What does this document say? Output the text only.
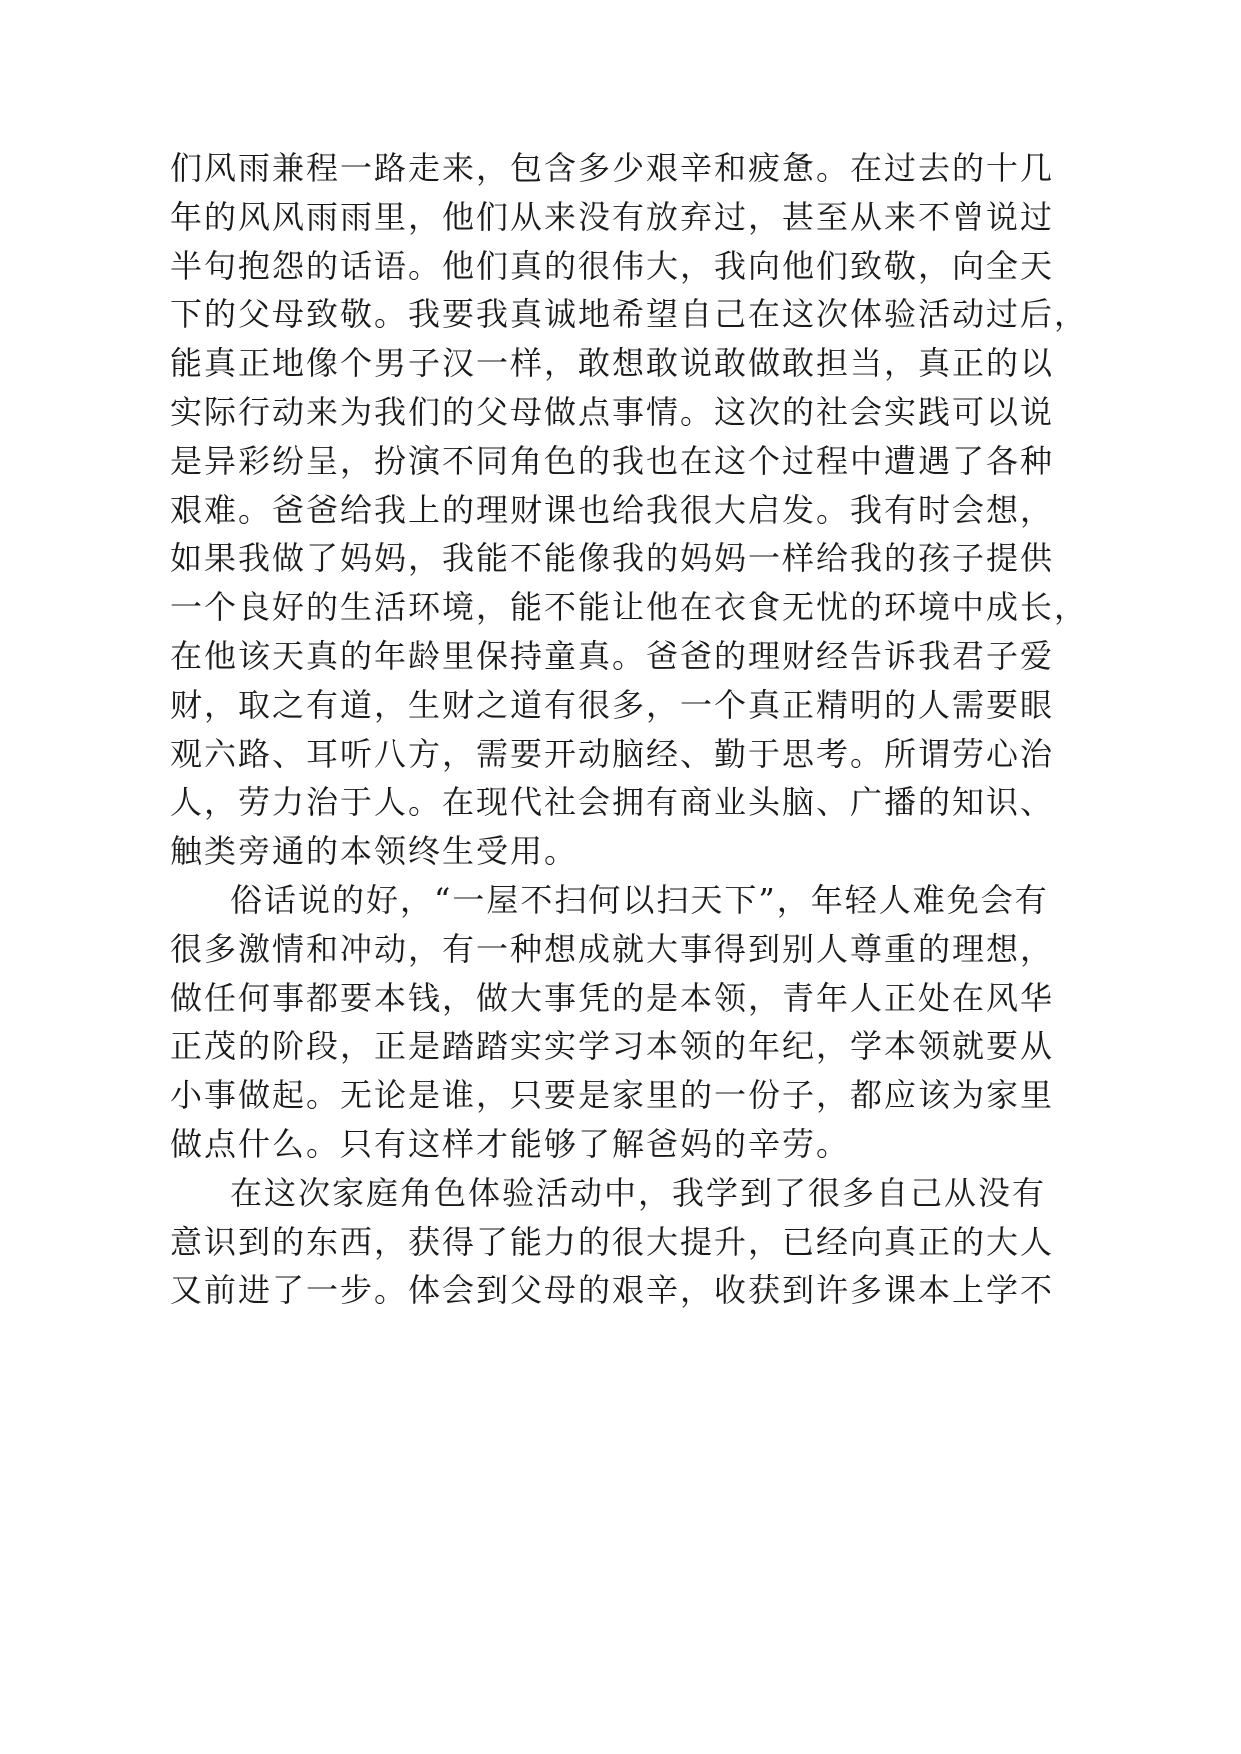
们风雨兼程一路走来，包含多少艰辛和疲惫。在过去的十几
年的风风雨雨里，他们从来没有放弃过，甚至从来不曾说过
半句抱怨的话语。他们真的很伟大，我向他们致敬，向全天
下的父母致敬。我要我真诚地希望自己在这次体验活动过后，
能真正地像个男子汉一样，敢想敢说敢做敢担当，真正的以
实际行动来为我们的父母做点事情。这次的社会实践可以说
是异彩纷呈，扮演不同角色的我也在这个过程中遭遇了各种
艰难。爸爸给我上的理财课也给我很大启发。我有时会想，
如果我做了妈妈，我能不能像我的妈妈一样给我的孩子提供
一个良好的生活环境，能不能让他在衣食无忧的环境中成长，
在他该天真的年龄里保持童真。爸爸的理财经告诉我君子爱
财，取之有道，生财之道有很多，一个真正精明的人需要眼
观六路、耳听八方，需要开动脑经、勤于思考。所谓劳心治
人，劳力治于人。在现代社会拥有商业头脑、广播的知识、
触类旁通的本领终生受用。
俗话说的好，“一屋不扫何以扫天下”，年轻人难免会有
很多激情和冲动，有一种想成就大事得到别人尊重的理想，
做任何事都要本钱，做大事凭的是本领，青年人正处在风华
正茂的阶段，正是踏踏实实学习本领的年纪，学本领就要从
小事做起。无论是谁，只要是家里的一份子，都应该为家里
做点什么。只有这样才能够了解爸妈的辛劳。
在这次家庭角色体验活动中，我学到了很多自己从没有
意识到的东西，获得了能力的很大提升，已经向真正的大人
又前进了一步。体会到父母的艰辛，收获到许多课本上学不
